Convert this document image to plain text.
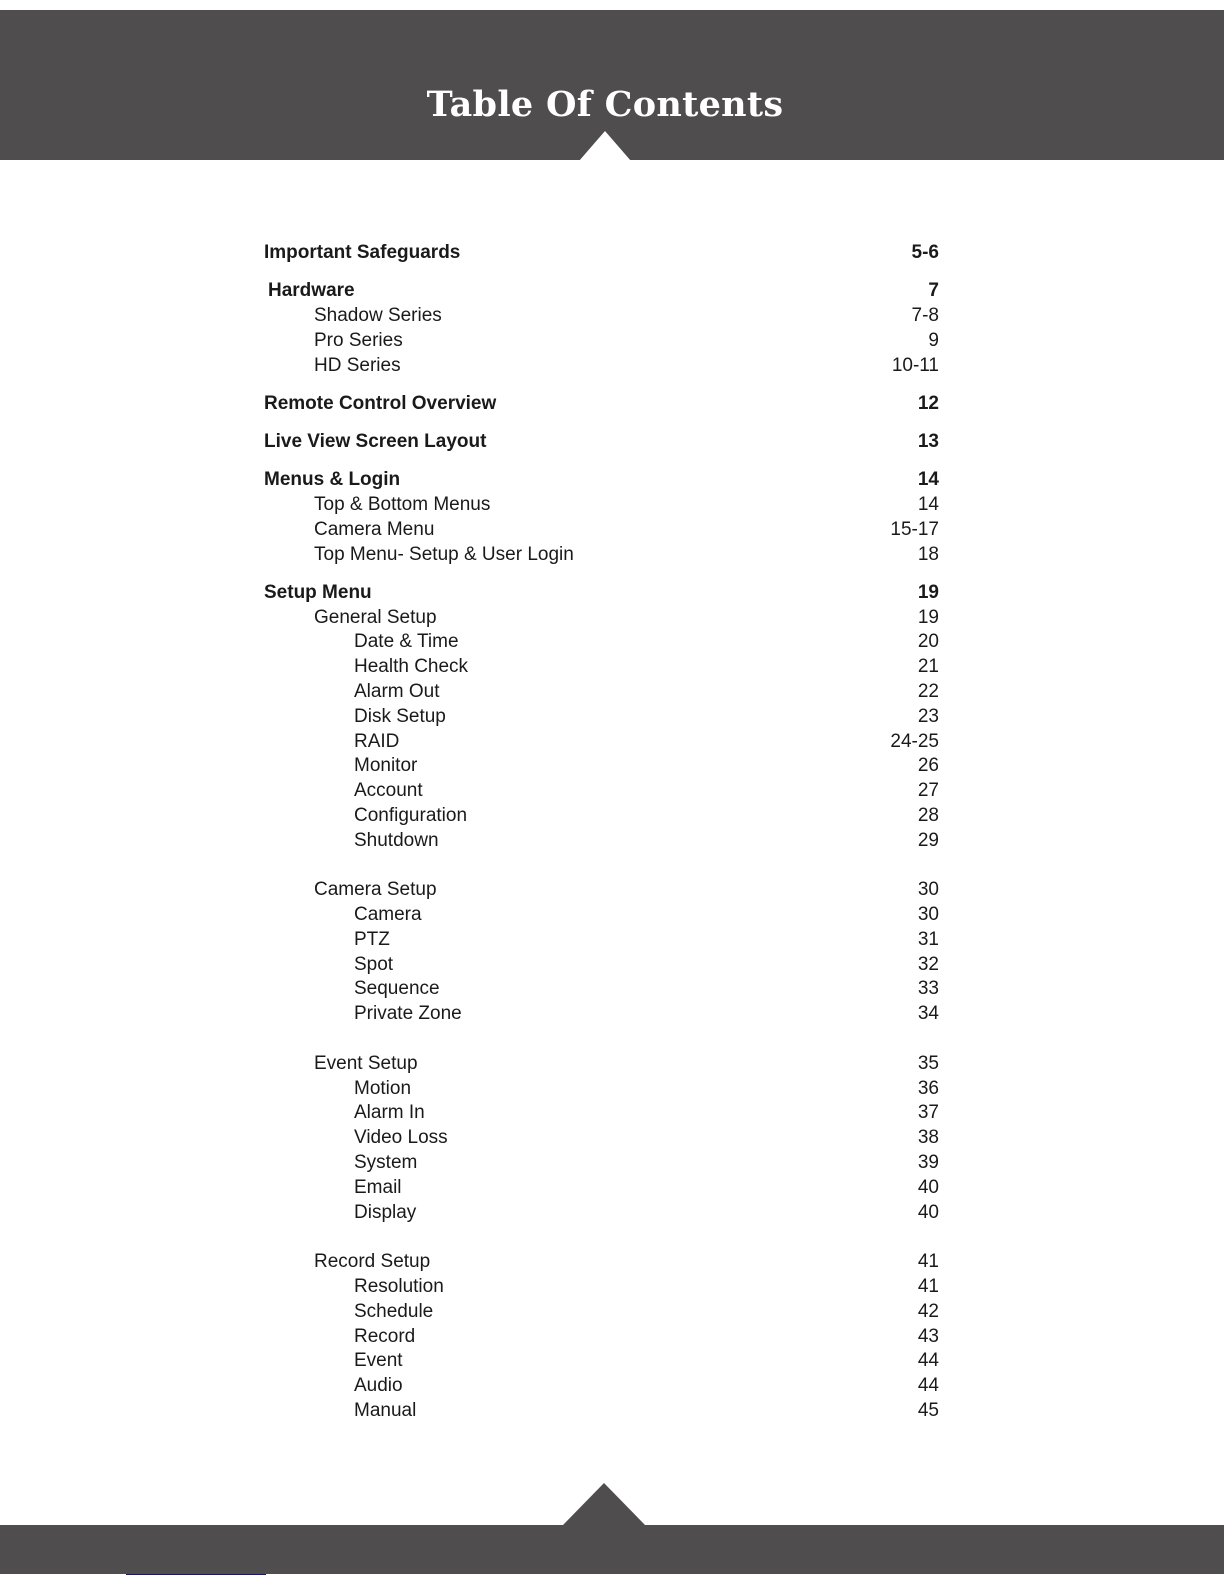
Table Of Contents
Important Safeguards	5-6
Hardware	7
Shadow Series	7-8
Pro Series	9
HD Series	10-11
Remote Control Overview	12
Live View Screen Layout	13
Menus & Login	14
Top & Bottom Menus	14
Camera Menu	15-17
Top Menu- Setup & User Login	18
Setup Menu	19
General Setup	19
Date & Time	20
Health Check	21
Alarm Out	22
Disk Setup	23
RAID	24-25
Monitor	26
Account	27
Configuration	28
Shutdown	29
Camera Setup	30
Camera	30
PTZ	31
Spot	32
Sequence	33
Private Zone	34
Event Setup	35
Motion	36
Alarm In	37
Video Loss	38
System	39
Email	40
Display	40
Record Setup	41
Resolution	41
Schedule	42
Record	43
Event	44
Audio	44
Manual	45
